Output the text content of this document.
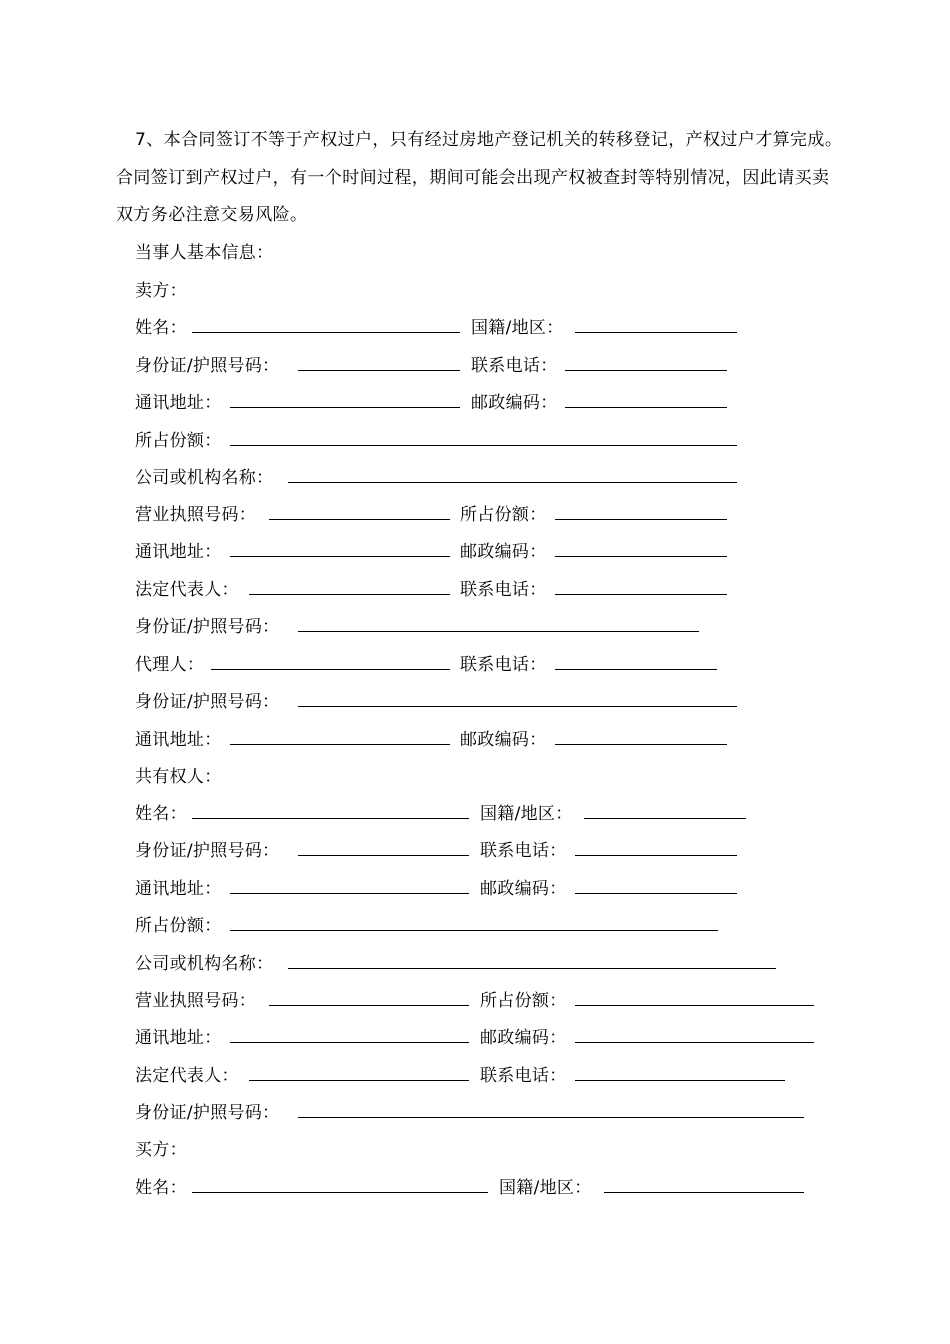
7、本合同签订不等于产权过户，只有经过房地产登记机关的转移登记，产权过户才算完成。合同签订到产权过户，有一个时间过程，期间可能会出现产权被查封等特别情况，因此请买卖双方务必注意交易风险。
当事人基本信息：
卖方：
姓名：	国籍/地区：
身份证/护照号码：	联系电话：
通讯地址：	邮政编码：
所占份额：
公司或机构名称：
营业执照号码：	所占份额：
通讯地址：	邮政编码：
法定代表人：	联系电话：
身份证/护照号码：
代理人：	联系电话：
身份证/护照号码：
通讯地址：	邮政编码：
共有权人：
姓名：	国籍/地区：
身份证/护照号码：	联系电话：
通讯地址：	邮政编码：
所占份额：
公司或机构名称：
营业执照号码：	所占份额：
通讯地址：	邮政编码：
法定代表人：	联系电话：
身份证/护照号码：
买方：
姓名：	国籍/地区：
